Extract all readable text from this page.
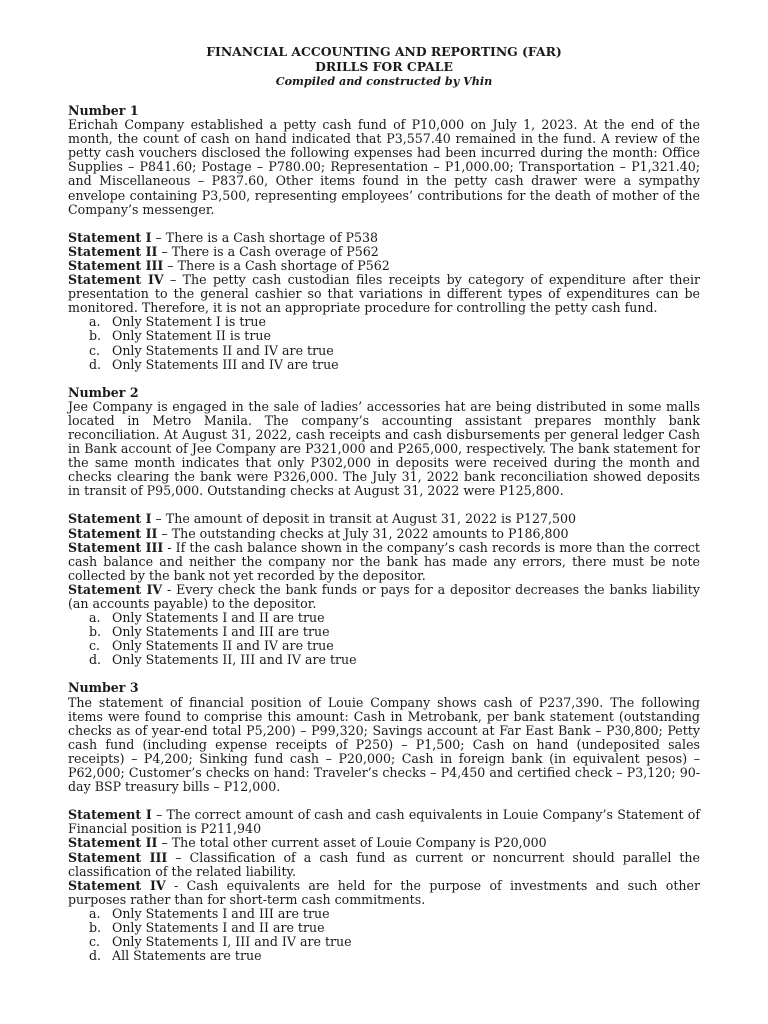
FINANCIAL ACCOUNTING AND REPORTING (FAR)
DRILLS FOR CPALE
Compiled and constructed by Vhin
Number 1

Erichah Company established a petty cash fund of P10,000 on July 1, 2023. At the end of the month, the count of cash on hand indicated that P3,557.40 remained in the fund. A review of the petty cash vouchers disclosed the following expenses had been incurred during the month: Office Supplies – P841.60; Postage – P780.00; Representation – P1,000.00; Transportation – P1,321.40; and Miscellaneous – P837.60, Other items found in the petty cash drawer were a sympathy envelope containing P3,500, representing employees’ contributions for the death of mother of the Company’s messenger.

Statement I – There is a Cash shortage of P538

Statement II – There is a Cash overage of P562

Statement III – There is a Cash shortage of P562

Statement IV – The petty cash custodian files receipts by category of expenditure after their presentation to the general cashier so that variations in different types of expenditures can be monitored. Therefore, it is not an appropriate procedure for controlling the petty cash fund.

a. Only Statement I is true
b. Only Statement II is true
c. Only Statements II and IV are true
d. Only Statements III and IV are true
Number 2

Jee Company is engaged in the sale of ladies’ accessories hat are being distributed in some malls located in Metro Manila. The company’s accounting assistant prepares monthly bank reconciliation. At August 31, 2022, cash receipts and cash disbursements per general ledger Cash in Bank account of Jee Company are P321,000 and P265,000, respectively. The bank statement for the same month indicates that only P302,000 in deposits were received during the month and checks clearing the bank were P326,000. The July 31, 2022 bank reconciliation showed deposits in transit of P95,000. Outstanding checks at August 31, 2022 were P125,800.

Statement I – The amount of deposit in transit at August 31, 2022 is P127,500

Statement II – The outstanding checks at July 31, 2022 amounts to P186,800

Statement III - If the cash balance shown in the company’s cash records is more than the correct cash balance and neither the company nor the bank has made any errors, there must be note collected by the bank not yet recorded by the depositor.

Statement IV - Every check the bank funds or pays for a depositor decreases the banks liability (an accounts payable) to the depositor.

a. Only Statements I and II are true
b. Only Statements I and III are true
c. Only Statements II and IV are true
d. Only Statements II, III and IV are true
Number 3

The statement of financial position of Louie Company shows cash of P237,390. The following items were found to comprise this amount: Cash in Metrobank, per bank statement (outstanding checks as of year-end total P5,200) – P99,320; Savings account at Far East Bank – P30,800; Petty cash fund (including expense receipts of P250) – P1,500; Cash on hand (undeposited sales receipts) – P4,200; Sinking fund cash – P20,000; Cash in foreign bank (in equivalent pesos) – P62,000; Customer’s checks on hand: Traveler’s checks – P4,450 and certified check – P3,120; 90-day BSP treasury bills – P12,000.

Statement I – The correct amount of cash and cash equivalents in Louie Company’s Statement of Financial position is P211,940

Statement II – The total other current asset of Louie Company is P20,000

Statement III – Classification of a cash fund as current or noncurrent should parallel the classification of the related liability.

Statement IV - Cash equivalents are held for the purpose of investments and such other purposes rather than for short-term cash commitments.

a. Only Statements I and III are true
b. Only Statements I and II are true
c. Only Statements I, III and IV are true
d. All Statements are true
